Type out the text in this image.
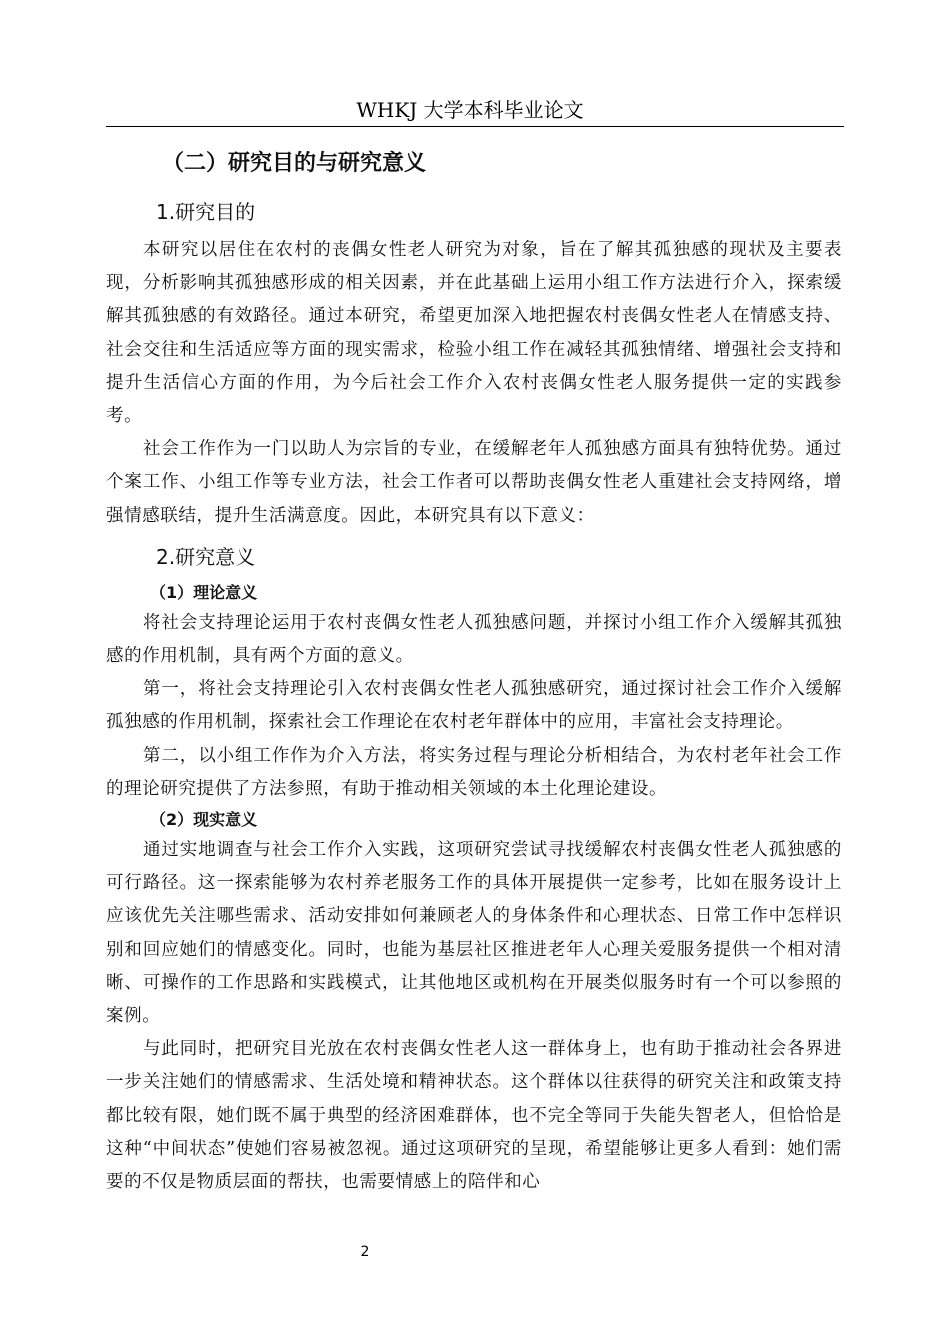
WHKJ 大学本科毕业论文
（二）研究目的与研究意义
1.研究目的

本研究以居住在农村的丧偶女性老人研究为对象，旨在了解其孤独感的现状及主要表现，分析影响其孤独感形成的相关因素，并在此基础上运用小组工作方法进行介入，探索缓解其孤独感的有效路径。通过本研究，希望更加深入地把握农村丧偶女性老人在情感支持、社会交往和生活适应等方面的现实需求，检验小组工作在减轻其孤独情绪、增强社会支持和提升生活信心方面的作用，为今后社会工作介入农村丧偶女性老人服务提供一定的实践参考。

社会工作作为一门以助人为宗旨的专业，在缓解老年人孤独感方面具有独特优势。通过个案工作、小组工作等专业方法，社会工作者可以帮助丧偶女性老人重建社会支持网络，增强情感联结，提升生活满意度。因此，本研究具有以下意义：

2.研究意义
（1）理论意义

将社会支持理论运用于农村丧偶女性老人孤独感问题，并探讨小组工作介入缓解其孤独感的作用机制，具有两个方面的意义。

第一，将社会支持理论引入农村丧偶女性老人孤独感研究，通过探讨社会工作介入缓解孤独感的作用机制，探索社会工作理论在农村老年群体中的应用，丰富社会支持理论。

第二，以小组工作作为介入方法，将实务过程与理论分析相结合，为农村老年社会工作的理论研究提供了方法参照，有助于推动相关领域的本土化理论建设。

（2）现实意义

通过实地调查与社会工作介入实践，这项研究尝试寻找缓解农村丧偶女性老人孤独感的可行路径。这一探索能够为农村养老服务工作的具体开展提供一定参考，比如在服务设计上应该优先关注哪些需求、活动安排如何兼顾老人的身体条件和心理状态、日常工作中怎样识别和回应她们的情感变化。同时，也能为基层社区推进老年人心理关爱服务提供一个相对清晰、可操作的工作思路和实践模式，让其他地区或机构在开展类似服务时有一个可以参照的案例。

与此同时，把研究目光放在农村丧偶女性老人这一群体身上，也有助于推动社会各界进一步关注她们的情感需求、生活处境和精神状态。这个群体以往获得的研究关注和政策支持都比较有限，她们既不属于典型的经济困难群体，也不完全等同于失能失智老人，但恰恰是这种“中间状态”使她们容易被忽视。通过这项研究的呈现，希望能够让更多人看到：她们需要的不仅是物质层面的帮扶，也需要情感上的陪伴和心

2
